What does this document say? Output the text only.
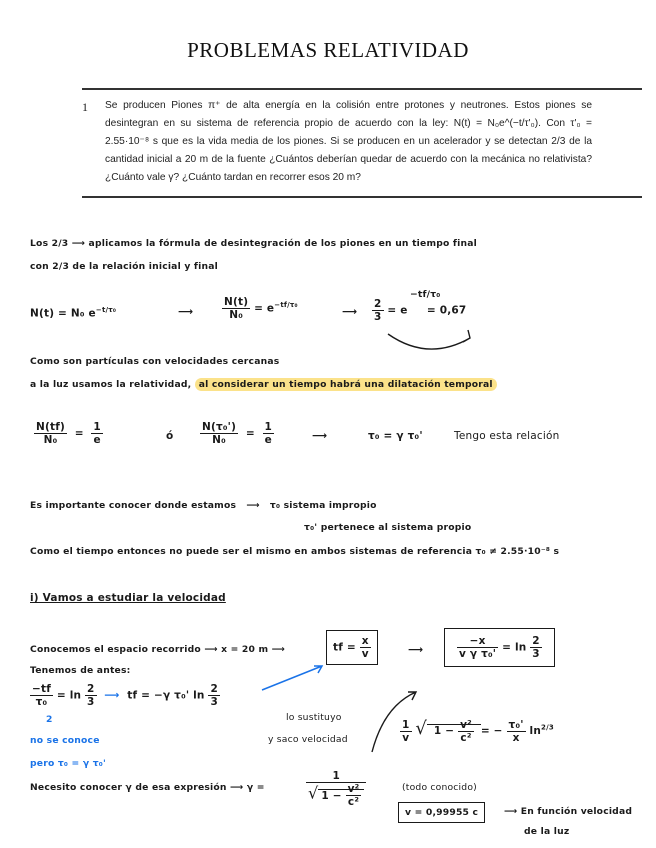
PROBLEMAS RELATIVIDAD
1 Se producen Piones π⁺ de alta energía en la colisión entre protones y neutrones. Estos piones se desintegran en su sistema de referencia propio de acuerdo con la ley: N(t) = N₀e^(−t/τ'₀). Con τ'₀ = 2.55·10⁻⁸ s que es la vida media de los piones. Si se producen en un acelerador y se detectan 2/3 de la cantidad inicial a 20 m de la fuente ¿Cuántos deberían quedar de acuerdo con la mecánica no relativista? ¿Cuánto vale γ? ¿Cuánto tardan en recorrer esos 20 m?
Los 2/3 ⟶ aplicamos la fórmula de desintegración de los piones en un tiempo final
con 2/3 de la relación inicial y final
N(t) = N₀ $e^{-t/\tau_0}$	⟶	$\frac{N(t)}{\text{N₀}} = e^{-tf/\tau_0}$
⟶
−tf/τ₀
$\frac{2}{3} = e = 0,67$
Como son partículas con velocidades cercanas
a la luz usamos la relatividad, al considerar un tiempo habrá una dilatación temporal
$\frac{N(tf)}{\text{N₀}} = \frac{1}{e}$	ó	$\frac{\text{N(τ₀')}}{\text{N₀}} = \frac{1}{e}$	⟶	τ₀ = γ τ₀'	Tengo esta relación
Es importante conocer donde estamos ⟶ τ₀ sistema impropio
τ₀' pertenece al sistema propio
Como el tiempo entonces no puede ser el mismo en ambos sistemas de referencia τ₀ ≠ 2.55·10⁻⁸ s
i) Vamos a estudiar la velocidad
Conocemos el espacio recorrido ⟶ x = 20 m ⟶	tf = $\frac{x}{v}$	⟶	$\frac{-x}{\text{v γ τ₀'}} = \ln \frac{2}{3}$
Tenemos de antes:
$\frac{-tf}{\text{τ₀}} = \ln \frac{2}{3}$ ⟶ tf = −γ τ₀' $\ln \frac{2}{3}$
2
no se conoce
pero τ₀ = γ τ₀'
lo sustituyo
y saco velocidad	$\frac{1}{v}$ √ $1 - \frac{\text{v²}}{\text{c²}}$ = − $\frac{\text{τ₀'}}{x} \ln^{2/3}$
Necesito conocer γ de esa expresión ⟶ γ =	$\frac{1}{√ 1 - \frac{\text{v²}}{\text{c²}}}$	(todo conocido)
v = 0,99955 c	⟶ En función velocidad
de la luz
